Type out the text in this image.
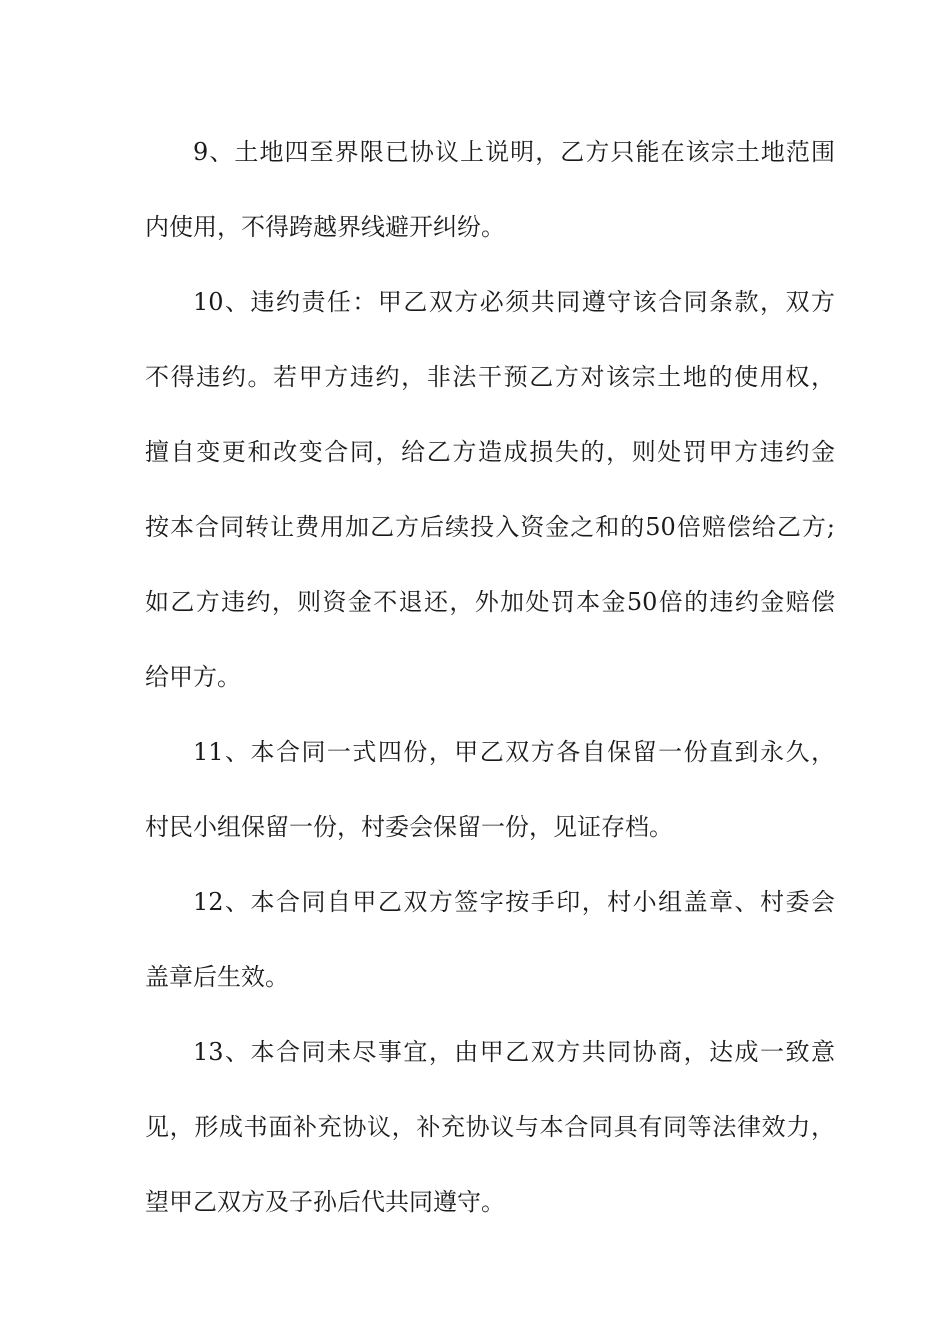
9、土地四至界限已协议上说明，乙方只能在该宗土地范围
内使用，不得跨越界线避开纠纷。

10、违约责任：甲乙双方必须共同遵守该合同条款，双方
不得违约。若甲方违约，非法干预乙方对该宗土地的使用权，
擅自变更和改变合同，给乙方造成损失的，则处罚甲方违约金
按本合同转让费用加乙方后续投入资金之和的50倍赔偿给乙方;
如乙方违约，则资金不退还，外加处罚本金50倍的违约金赔偿
给甲方。

11、本合同一式四份，甲乙双方各自保留一份直到永久，
村民小组保留一份，村委会保留一份，见证存档。

12、本合同自甲乙双方签字按手印，村小组盖章、村委会
盖章后生效。

13、本合同未尽事宜，由甲乙双方共同协商，达成一致意
见，形成书面补充协议，补充协议与本合同具有同等法律效力，
望甲乙双方及子孙后代共同遵守。
